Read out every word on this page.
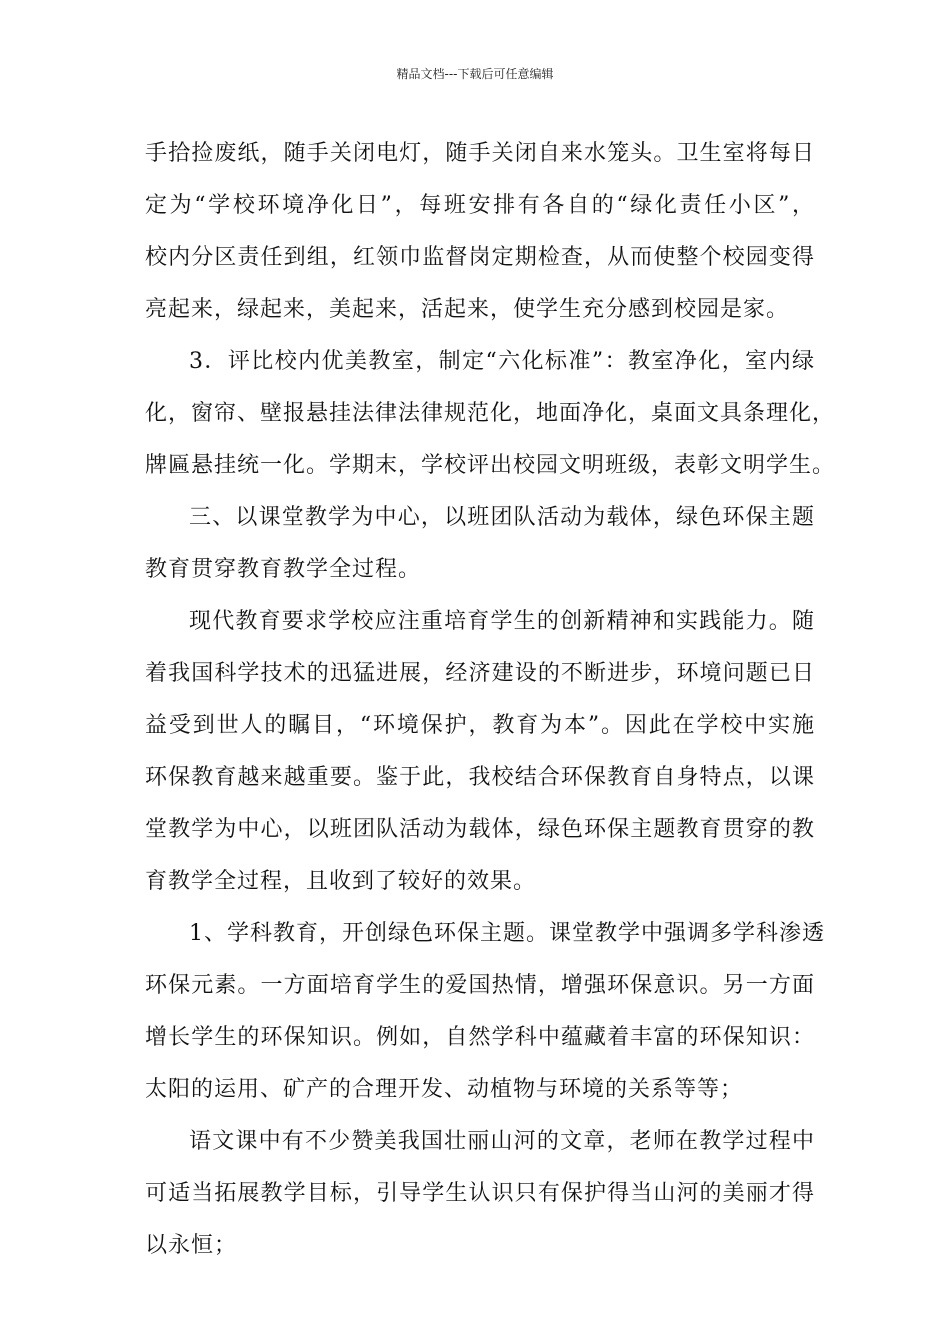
精品文档---下载后可任意编辑
手拾捡废纸，随手关闭电灯，随手关闭自来水笼头。卫生室将每日
定为“学校环境净化日”，每班安排有各自的“绿化责任小区”，
校内分区责任到组，红领巾监督岗定期检查，从而使整个校园变得
亮起来，绿起来，美起来，活起来，使学生充分感到校园是家。
3．评比校内优美教室，制定“六化标准”：教室净化，室内绿
化，窗帘、壁报悬挂法律法律规范化，地面净化，桌面文具条理化，
牌匾悬挂统一化。学期末，学校评出校园文明班级，表彰文明学生。
三、以课堂教学为中心，以班团队活动为载体，绿色环保主题
教育贯穿教育教学全过程。
现代教育要求学校应注重培育学生的创新精神和实践能力。随
着我国科学技术的迅猛进展，经济建设的不断进步，环境问题已日
益受到世人的瞩目，“环境保护，教育为本”。因此在学校中实施
环保教育越来越重要。鉴于此，我校结合环保教育自身特点，以课
堂教学为中心，以班团队活动为载体，绿色环保主题教育贯穿的教
育教学全过程，且收到了较好的效果。
1、学科教育，开创绿色环保主题。课堂教学中强调多学科渗透
环保元素。一方面培育学生的爱国热情，增强环保意识。另一方面
增长学生的环保知识。例如，自然学科中蕴藏着丰富的环保知识：
太阳的运用、矿产的合理开发、动植物与环境的关系等等；
语文课中有不少赞美我国壮丽山河的文章，老师在教学过程中
可适当拓展教学目标，引导学生认识只有保护得当山河的美丽才得
以永恒；
